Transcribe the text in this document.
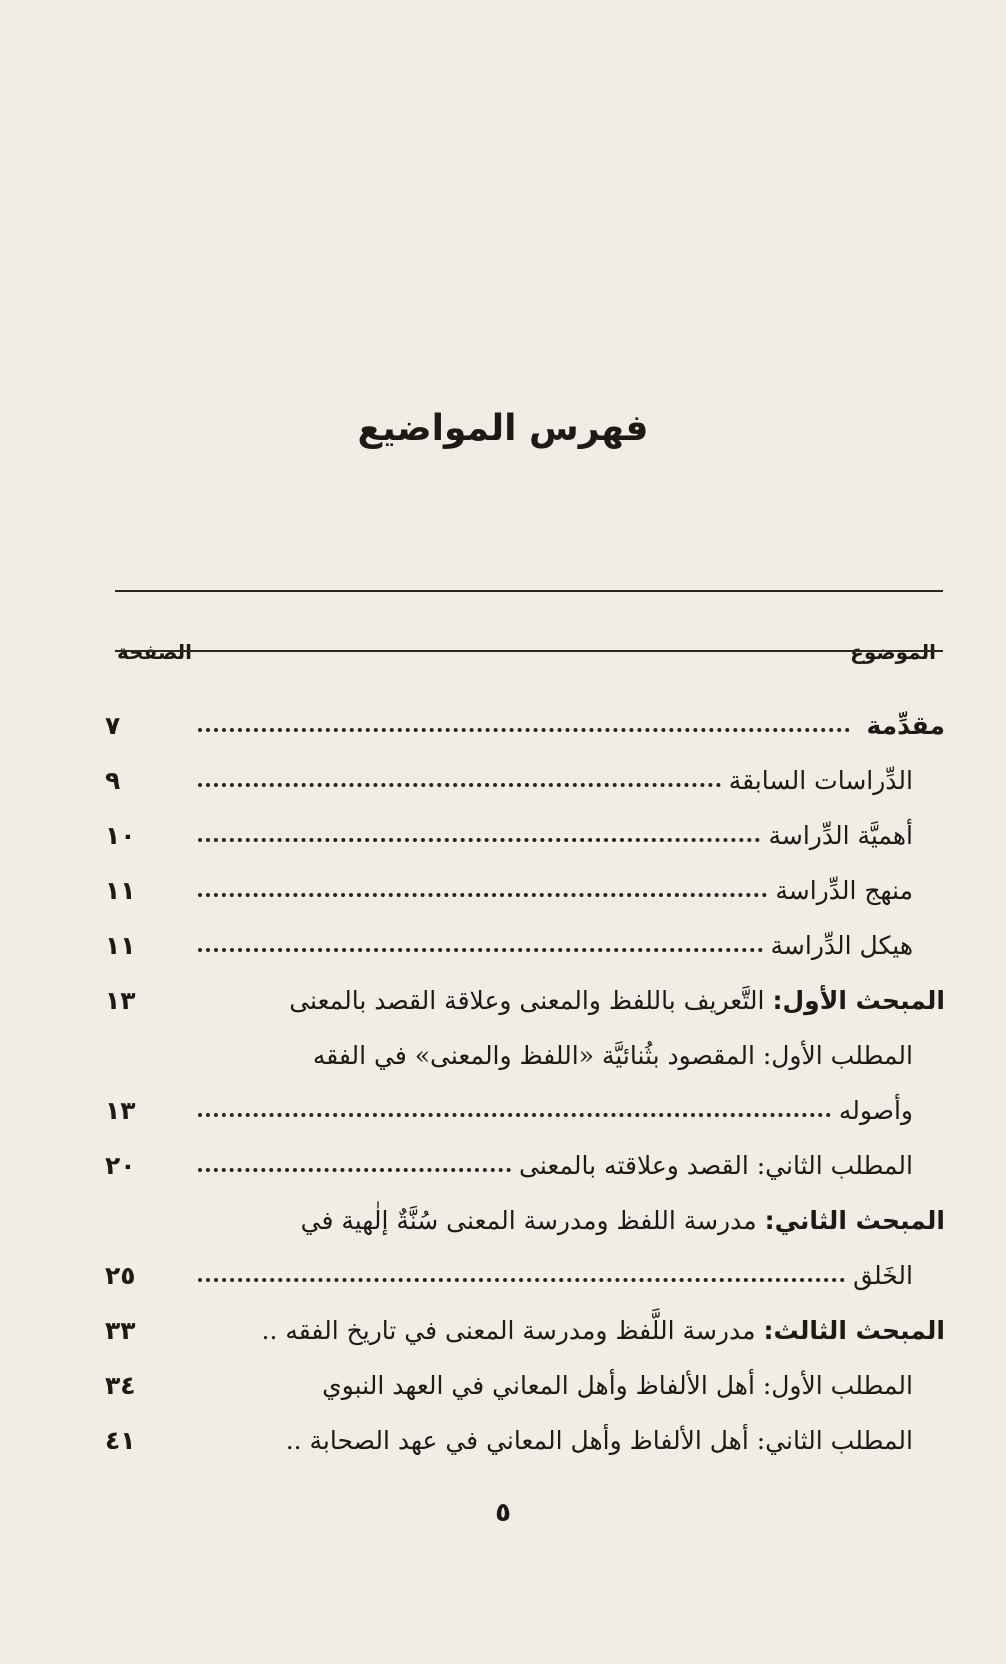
فهرس المواضيع
الموضوع
الصفحة
مقدِّمة
٧
الدِّراسات السابقة
٩
أهميَّة الدِّراسة
١٠
منهج الدِّراسة
١١
هيكل الدِّراسة
١١
المبحث الأول:
التَّعريف باللفظ والمعنى وعلاقة القصد بالمعنى
١٣
المطلب الأول: المقصود بثُنائيَّة «اللفظ والمعنى» في الفقه
وأصوله
١٣
المطلب الثاني: القصد وعلاقته بالمعنى
٢٠
المبحث الثاني:
مدرسة اللفظ ومدرسة المعنى سُنَّةٌ إلٰهية في
الخَلق
٢٥
المبحث الثالث:
مدرسة اللَّفظ ومدرسة المعنى في تاريخ الفقه ..
٣٣
المطلب الأول: أهل الألفاظ وأهل المعاني في العهد النبوي
٣٤
المطلب الثاني: أهل الألفاظ وأهل المعاني في عهد الصحابة ..
٤١
٥
